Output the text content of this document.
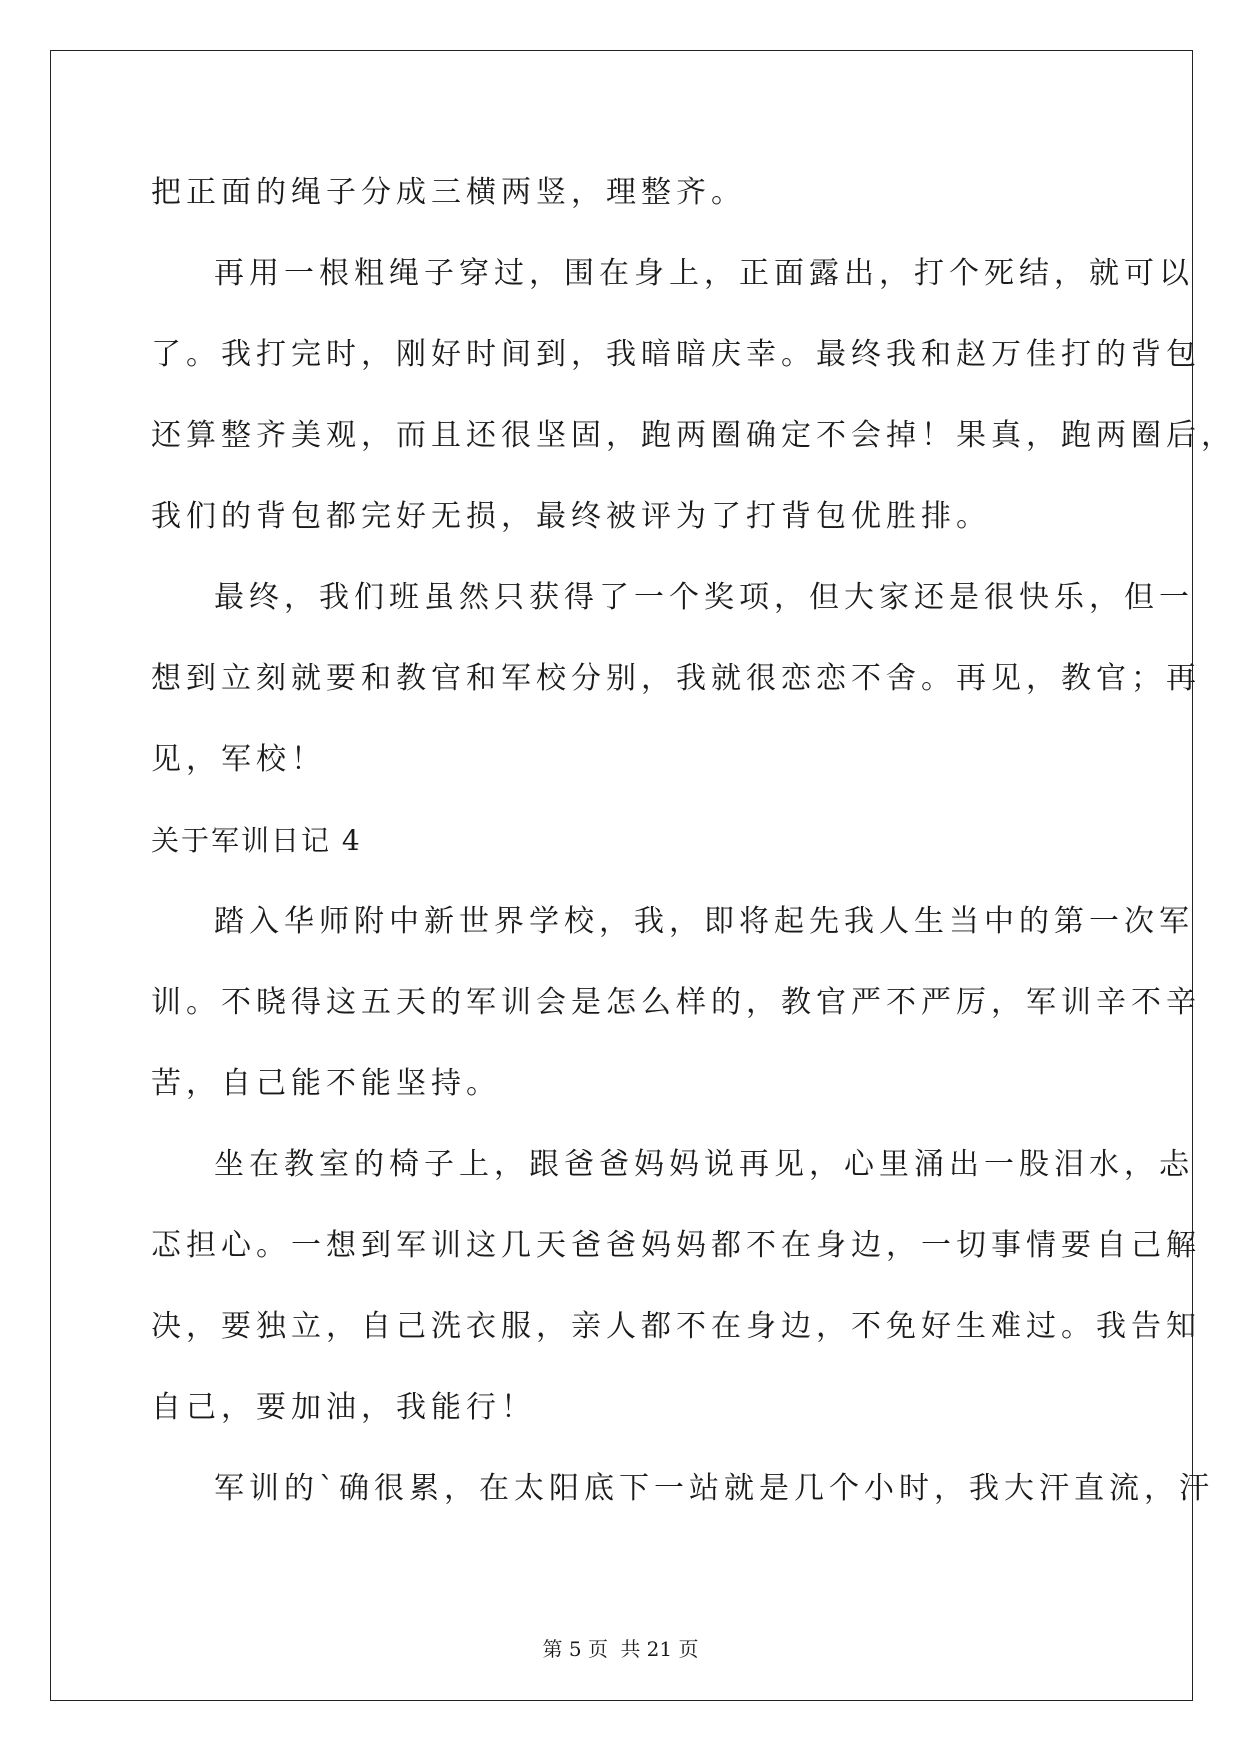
把正面的绳子分成三横两竖，理整齐。
再用一根粗绳子穿过，围在身上，正面露出，打个死结，就可以
了。我打完时，刚好时间到，我暗暗庆幸。最终我和赵万佳打的背包
还算整齐美观，而且还很坚固，跑两圈确定不会掉！果真，跑两圈后，
我们的背包都完好无损，最终被评为了打背包优胜排。
最终，我们班虽然只获得了一个奖项，但大家还是很快乐，但一
想到立刻就要和教官和军校分别，我就很恋恋不舍。再见，教官；再
见，军校！
关于军训日记 4
踏入华师附中新世界学校，我，即将起先我人生当中的第一次军
训。不晓得这五天的军训会是怎么样的，教官严不严厉，军训辛不辛
苦，自己能不能坚持。
坐在教室的椅子上，跟爸爸妈妈说再见，心里涌出一股泪水，忐
忑担心。一想到军训这几天爸爸妈妈都不在身边，一切事情要自己解
决，要独立，自己洗衣服，亲人都不在身边，不免好生难过。我告知
自己，要加油，我能行！
军训的`确很累，在太阳底下一站就是几个小时，我大汗直流，汗
第 5 页 共 21 页
